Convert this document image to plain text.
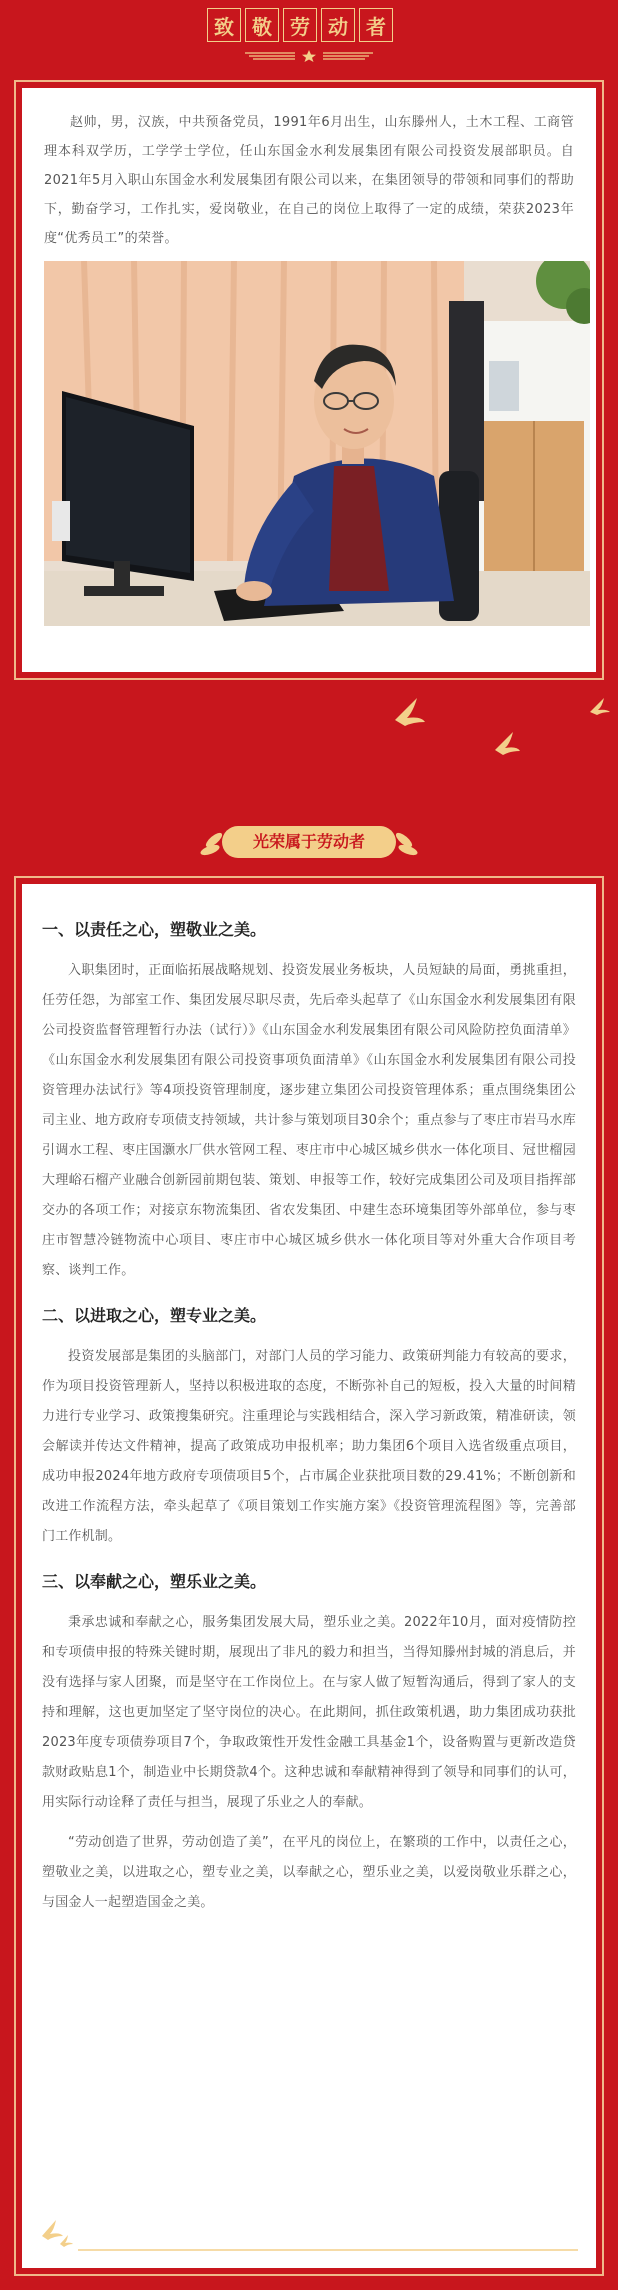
致 敬 劳 动 者

赵帅，男，汉族，中共预备党员，1991年6月出生，山东滕州人，土木工程、工商管理本科双学历，工学学士学位，任山东国金水利发展集团有限公司投资发展部职员。自2021年5月入职山东国金水利发展集团有限公司以来，在集团领导的带领和同事们的帮助下，勤奋学习，工作扎实，爱岗敬业，在自己的岗位上取得了一定的成绩，荣获2023年度“优秀员工”的荣誉。

光荣属于劳动者
一、以责任之心，塑敬业之美。

入职集团时，正面临拓展战略规划、投资发展业务板块，人员短缺的局面，勇挑重担，任劳任怨，为部室工作、集团发展尽职尽责，先后牵头起草了《山东国金水利发展集团有限公司投资监督管理暂行办法（试行）》《山东国金水利发展集团有限公司风险防控负面清单》《山东国金水利发展集团有限公司投资事项负面清单》《山东国金水利发展集团有限公司投资管理办法试行》等4项投资管理制度，逐步建立集团公司投资管理体系；重点围绕集团公司主业、地方政府专项债支持领域，共计参与策划项目30余个；重点参与了枣庄市岩马水库引调水工程、枣庄国灏水厂供水管网工程、枣庄市中心城区城乡供水一体化项目、冠世榴园大理峪石榴产业融合创新园前期包装、策划、申报等工作，较好完成集团公司及项目指挥部交办的各项工作；对接京东物流集团、省农发集团、中建生态环境集团等外部单位，参与枣庄市智慧冷链物流中心项目、枣庄市中心城区城乡供水一体化项目等对外重大合作项目考察、谈判工作。

二、以进取之心，塑专业之美。

投资发展部是集团的头脑部门，对部门人员的学习能力、政策研判能力有较高的要求，作为项目投资管理新人，坚持以积极进取的态度，不断弥补自己的短板，投入大量的时间精力进行专业学习、政策搜集研究。注重理论与实践相结合，深入学习新政策，精准研读，领会解读并传达文件精神，提高了政策成功申报机率；助力集团6个项目入选省级重点项目，成功申报2024年地方政府专项债项目5个，占市属企业获批项目数的29.41%；不断创新和改进工作流程方法，牵头起草了《项目策划工作实施方案》《投资管理流程图》等，完善部门工作机制。

三、以奉献之心，塑乐业之美。

秉承忠诚和奉献之心，服务集团发展大局，塑乐业之美。2022年10月，面对疫情防控和专项债申报的特殊关键时期，展现出了非凡的毅力和担当，当得知滕州封城的消息后，并没有选择与家人团聚，而是坚守在工作岗位上。在与家人做了短暂沟通后，得到了家人的支持和理解，这也更加坚定了坚守岗位的决心。在此期间，抓住政策机遇，助力集团成功获批2023年度专项债券项目7个，争取政策性开发性金融工具基金1个，设备购置与更新改造贷款财政贴息1个，制造业中长期贷款4个。这种忠诚和奉献精神得到了领导和同事们的认可，用实际行动诠释了责任与担当，展现了乐业之人的奉献。

“劳动创造了世界，劳动创造了美”，在平凡的岗位上，在繁琐的工作中，以责任之心，塑敬业之美，以进取之心，塑专业之美，以奉献之心，塑乐业之美，以爱岗敬业乐群之心，与国金人一起塑造国金之美。
